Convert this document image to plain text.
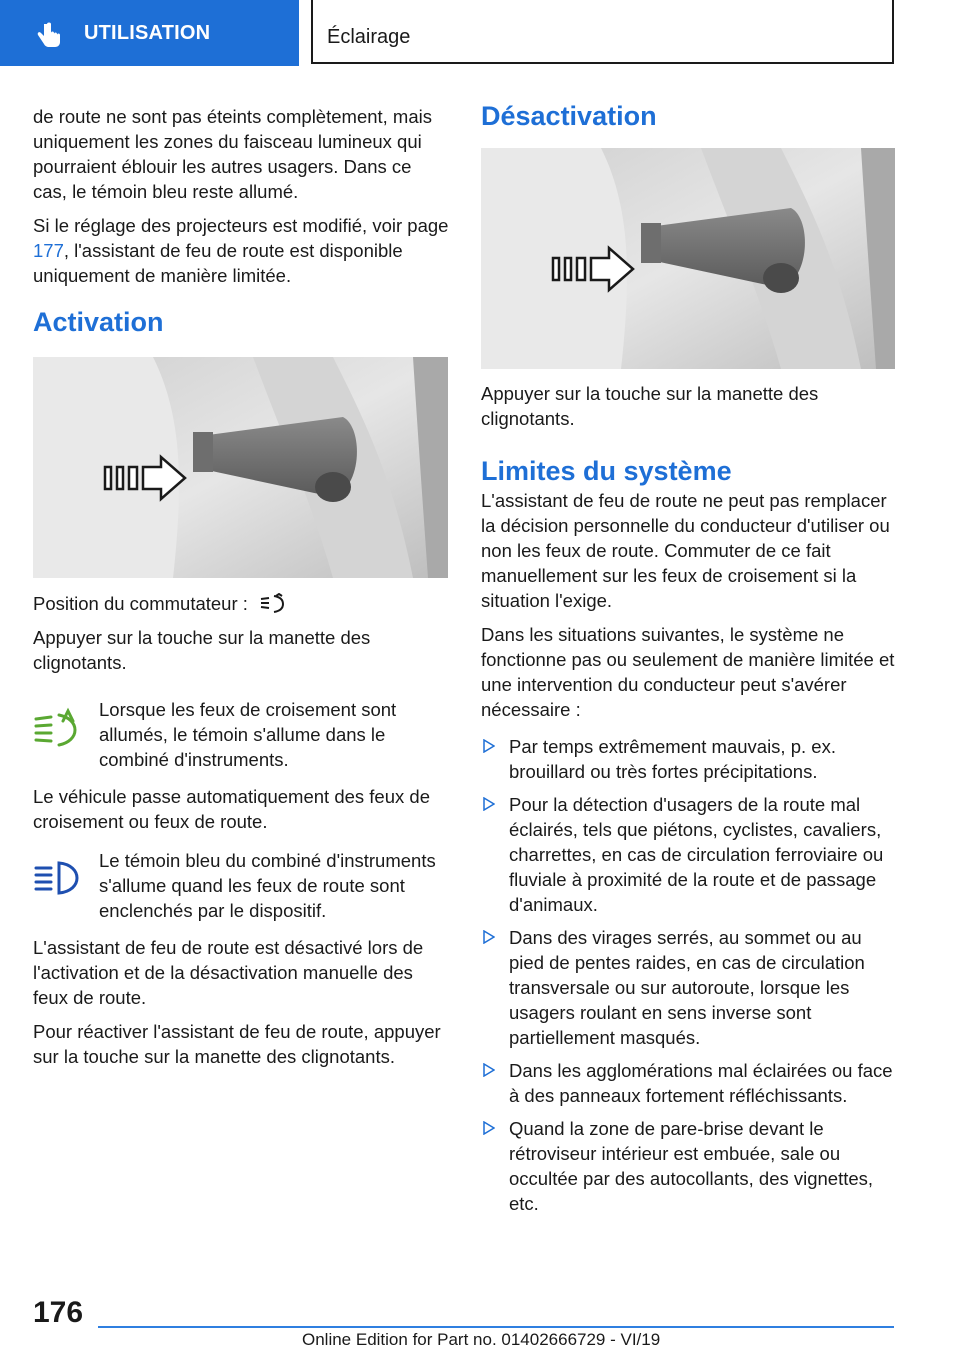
UTILISATION	Éclairage

de route ne sont pas éteints complètement, mais uniquement les zones du faisceau lumineux qui pourraient éblouir les autres usagers. Dans ce cas, le témoin bleu reste allumé.

Si le réglage des projecteurs est modifié, voir page 177, l'assistant de feu de route est disponible uniquement de manière limitée.

Activation

Position du commutateur :

Appuyer sur la touche sur la manette des clignotants.

Lorsque les feux de croisement sont allumés, le témoin s'allume dans le combiné d'instruments.

Le véhicule passe automatiquement des feux de croisement ou feux de route.

Le témoin bleu du combiné d'instruments s'allume quand les feux de route sont enclenchés par le dispositif.

L'assistant de feu de route est désactivé lors de l'activation et de la désactivation manuelle des feux de route.

Pour réactiver l'assistant de feu de route, appuyer sur la touche sur la manette des clignotants.

Désactivation

Appuyer sur la touche sur la manette des clignotants.

Limites du système

L'assistant de feu de route ne peut pas remplacer la décision personnelle du conducteur d'utiliser ou non les feux de route. Commuter de ce fait manuellement sur les feux de croisement si la situation l'exige.

Dans les situations suivantes, le système ne fonctionne pas ou seulement de manière limitée et une intervention du conducteur peut s'avérer nécessaire :

Par temps extrêmement mauvais, p. ex. brouillard ou très fortes précipitations.
Pour la détection d'usagers de la route mal éclairés, tels que piétons, cyclistes, cavaliers, charrettes, en cas de circulation ferroviaire ou fluviale à proximité de la route et de passage d'animaux.
Dans des virages serrés, au sommet ou au pied de pentes raides, en cas de circulation transversale ou sur autoroute, lorsque les usagers roulant en sens inverse sont partiellement masqués.
Dans les agglomérations mal éclairées ou face à des panneaux fortement réfléchissants.
Quand la zone de pare-brise devant le rétroviseur intérieur est embuée, sale ou occultée par des autocollants, des vignettes, etc.
176
Online Edition for Part no. 01402666729 - VI/19
